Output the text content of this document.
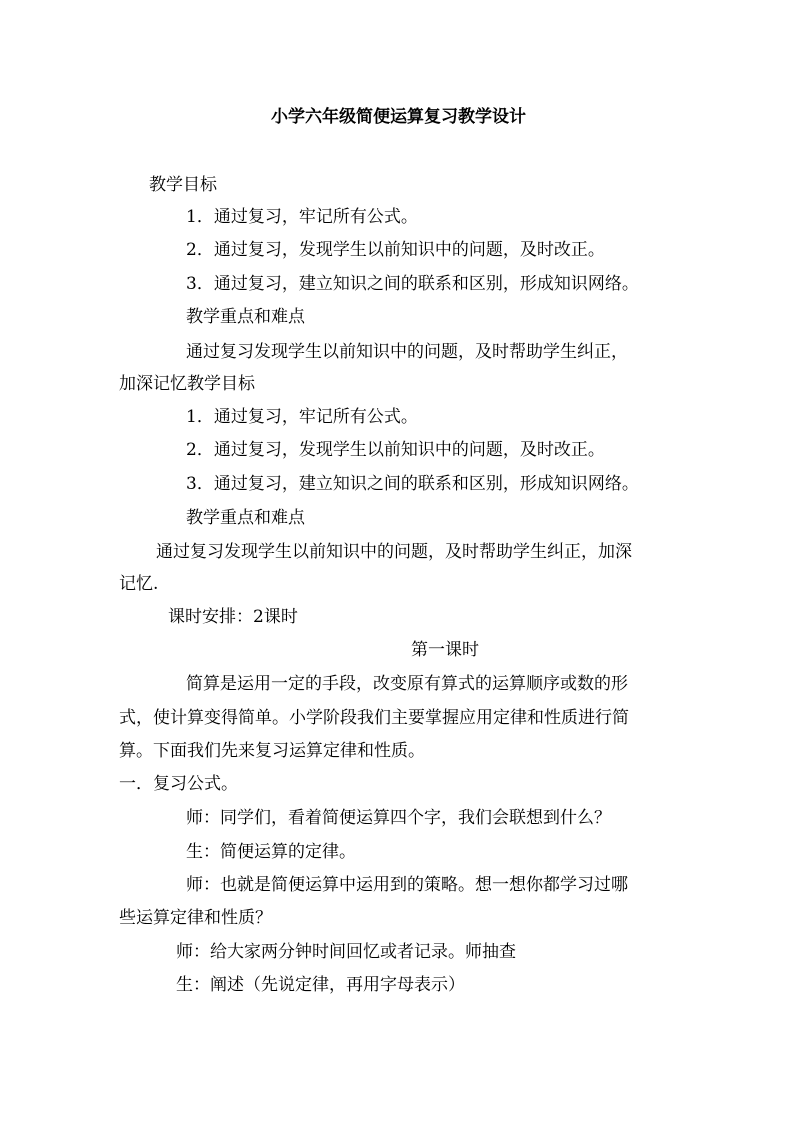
小学六年级简便运算复习教学设计
教学目标
1．通过复习，牢记所有公式。
2．通过复习，发现学生以前知识中的问题，及时改正。
3．通过复习，建立知识之间的联系和区别，形成知识网络。
教学重点和难点
通过复习发现学生以前知识中的问题，及时帮助学生纠正，
加深记忆教学目标
1．通过复习，牢记所有公式。
2．通过复习，发现学生以前知识中的问题，及时改正。
3．通过复习，建立知识之间的联系和区别，形成知识网络。
教学重点和难点
通过复习发现学生以前知识中的问题，及时帮助学生纠正，加深
记忆.
课时安排：2课时
第一课时
简算是运用一定的手段，改变原有算式的运算顺序或数的形
式，使计算变得简单。小学阶段我们主要掌握应用定律和性质进行简
算。下面我们先来复习运算定律和性质。
一．复习公式。
师：同学们，看着简便运算四个字，我们会联想到什么？
生：简便运算的定律。
师：也就是简便运算中运用到的策略。想一想你都学习过哪
些运算定律和性质？
师：给大家两分钟时间回忆或者记录。师抽查
生：阐述（先说定律，再用字母表示）
